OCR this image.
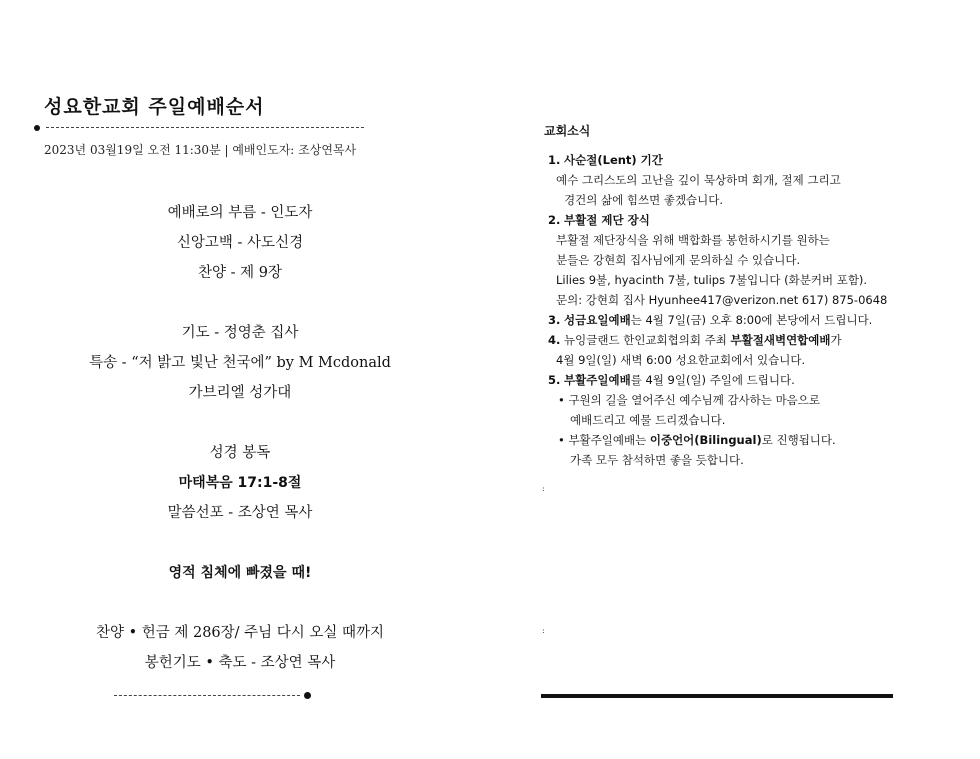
성요한교회 주일예배순서
2023년 03월19일 오전 11:30분 | 예배인도자: 조상연목사
예배로의 부름 - 인도자
신앙고백 - 사도신경
찬양 - 제 9장
기도 - 정영춘 집사
특송 - “저 밝고 빛난 천국에” by M Mcdonald
가브리엘 성가대
성경 봉독
마태복음 17:1-8절
말씀선포 - 조상연 목사
영적 침체에 빠졌을 때!
찬양 • 헌금 제 286장/ 주님 다시 오실 때까지
봉헌기도 • 축도 - 조상연 목사
교회소식
1. 사순절(Lent) 기간
예수 그리스도의 고난을 깊이 묵상하며 회개, 절제 그리고
경건의 삶에 힘쓰면 좋겠습니다.
2. 부활절 제단 장식
부활절 제단장식을 위해 백합화를 봉헌하시기를 원하는
분들은 강현희 집사님에게 문의하실 수 있습니다.
Lilies 9불, hyacinth 7불, tulips 7불입니다 (화분커버 포함).
문의: 강현희 집사 Hyunhee417@verizon.net 617) 875-0648
3. 성금요일예배는 4월 7일(금) 오후 8:00에 본당에서 드립니다.
4. 뉴잉글랜드 한인교회협의회 주최 부활절새벽연합예배가
4월 9일(일) 새벽 6:00 성요한교회에서 있습니다.
5. 부활주일예배를 4월 9일(일) 주일에 드립니다.
• 구원의 길을 열어주신 예수님께 감사하는 마음으로
예배드리고 예물 드리겠습니다.
• 부활주일예배는 이중언어(Bilingual)로 진행됩니다.
가족 모두 참석하면 좋을 듯합니다.
:
:
